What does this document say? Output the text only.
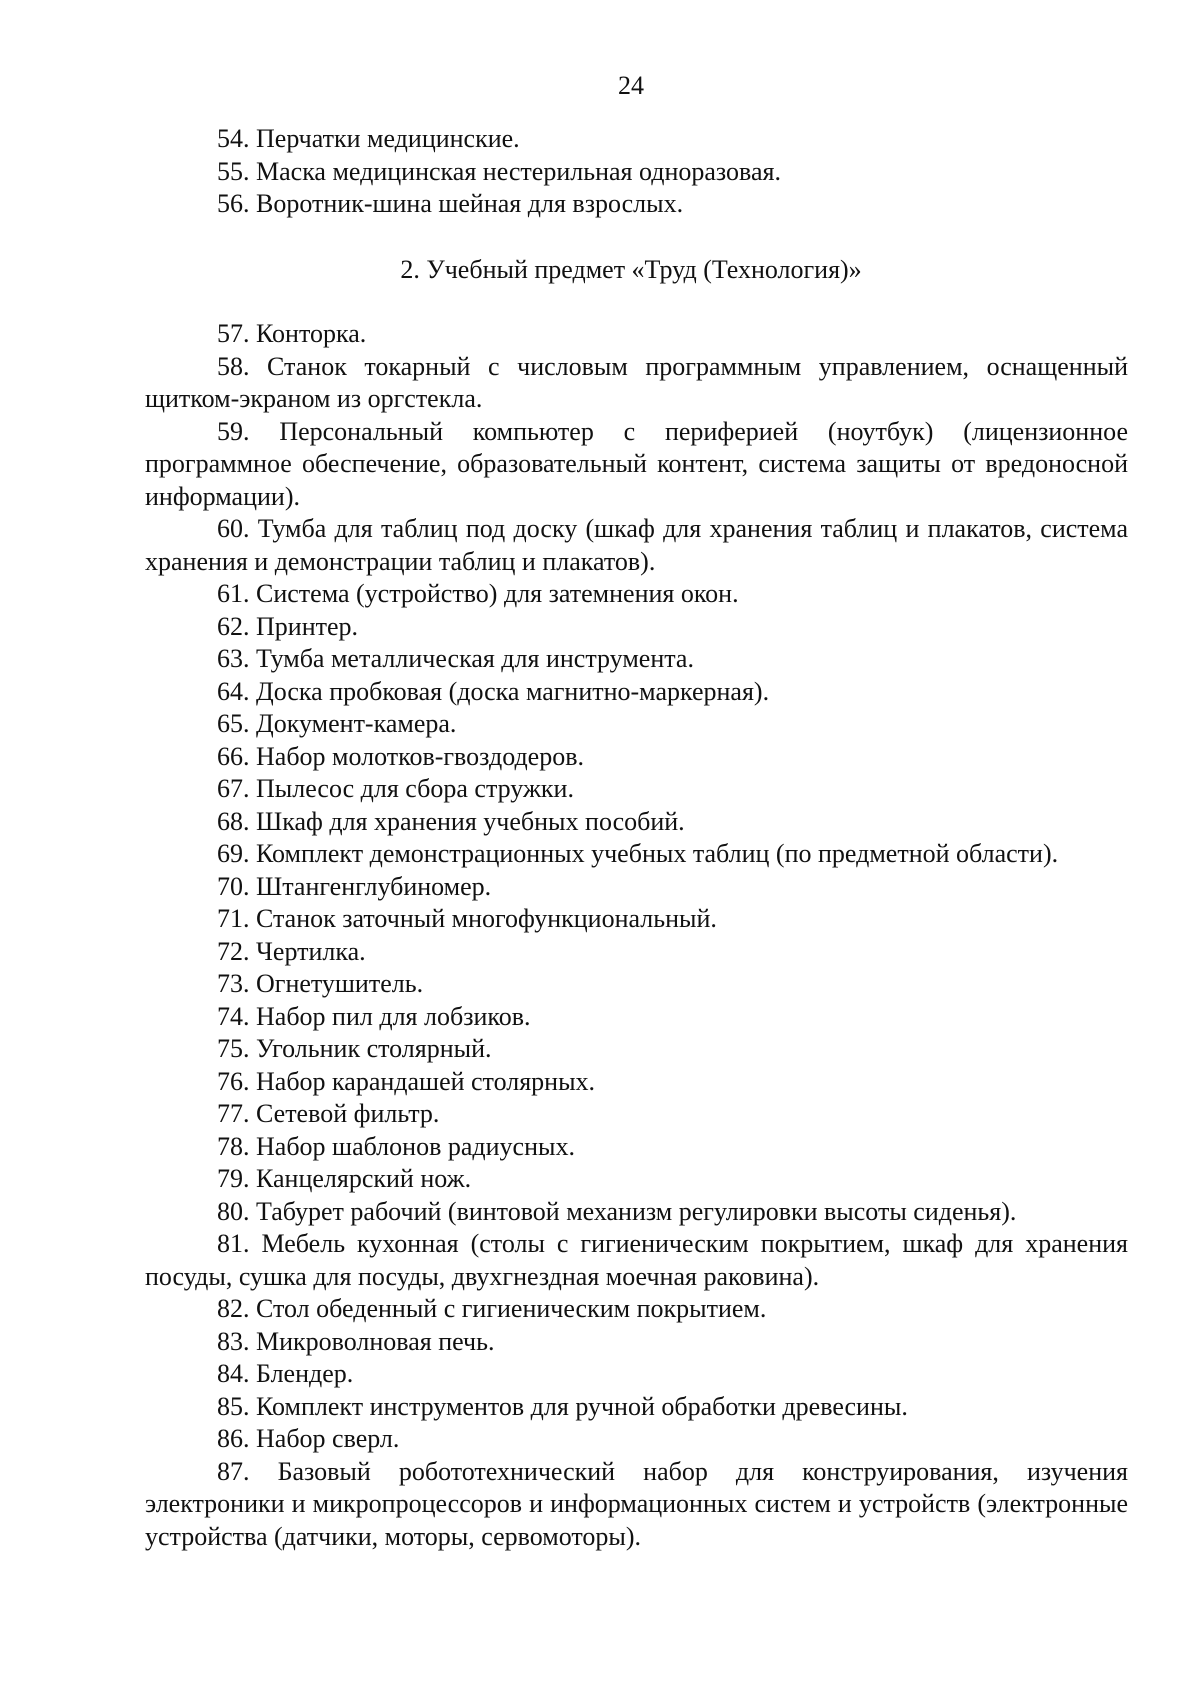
24

54. Перчатки медицинские.

55. Маска медицинская нестерильная одноразовая.

56. Воротник-шина шейная для взрослых.

2. Учебный предмет «Труд (Технология)»

57. Конторка.

58. Станок токарный с числовым программным управлением, оснащенный щитком-экраном из оргстекла.

59. Персональный компьютер с периферией (ноутбук) (лицензионное программное обеспечение, образовательный контент, система защиты от вредоносной информации).

60. Тумба для таблиц под доску (шкаф для хранения таблиц и плакатов, система хранения и демонстрации таблиц и плакатов).

61. Система (устройство) для затемнения окон.

62. Принтер.

63. Тумба металлическая для инструмента.

64. Доска пробковая (доска магнитно-маркерная).

65. Документ-камера.

66. Набор молотков-гвоздодеров.

67. Пылесос для сбора стружки.

68. Шкаф для хранения учебных пособий.

69. Комплект демонстрационных учебных таблиц (по предметной области).

70. Штангенглубиномер.

71. Станок заточный многофункциональный.

72. Чертилка.

73. Огнетушитель.

74. Набор пил для лобзиков.

75. Угольник столярный.

76. Набор карандашей столярных.

77. Сетевой фильтр.

78. Набор шаблонов радиусных.

79. Канцелярский нож.

80. Табурет рабочий (винтовой механизм регулировки высоты сиденья).

81. Мебель кухонная (столы с гигиеническим покрытием, шкаф для хранения посуды, сушка для посуды, двухгнездная моечная раковина).

82. Стол обеденный с гигиеническим покрытием.

83. Микроволновая печь.

84. Блендер.

85. Комплект инструментов для ручной обработки древесины.

86. Набор сверл.

87. Базовый робототехнический набор для конструирования, изучения электроники и микропроцессоров и информационных систем и устройств (электронные устройства (датчики, моторы, сервомоторы).
